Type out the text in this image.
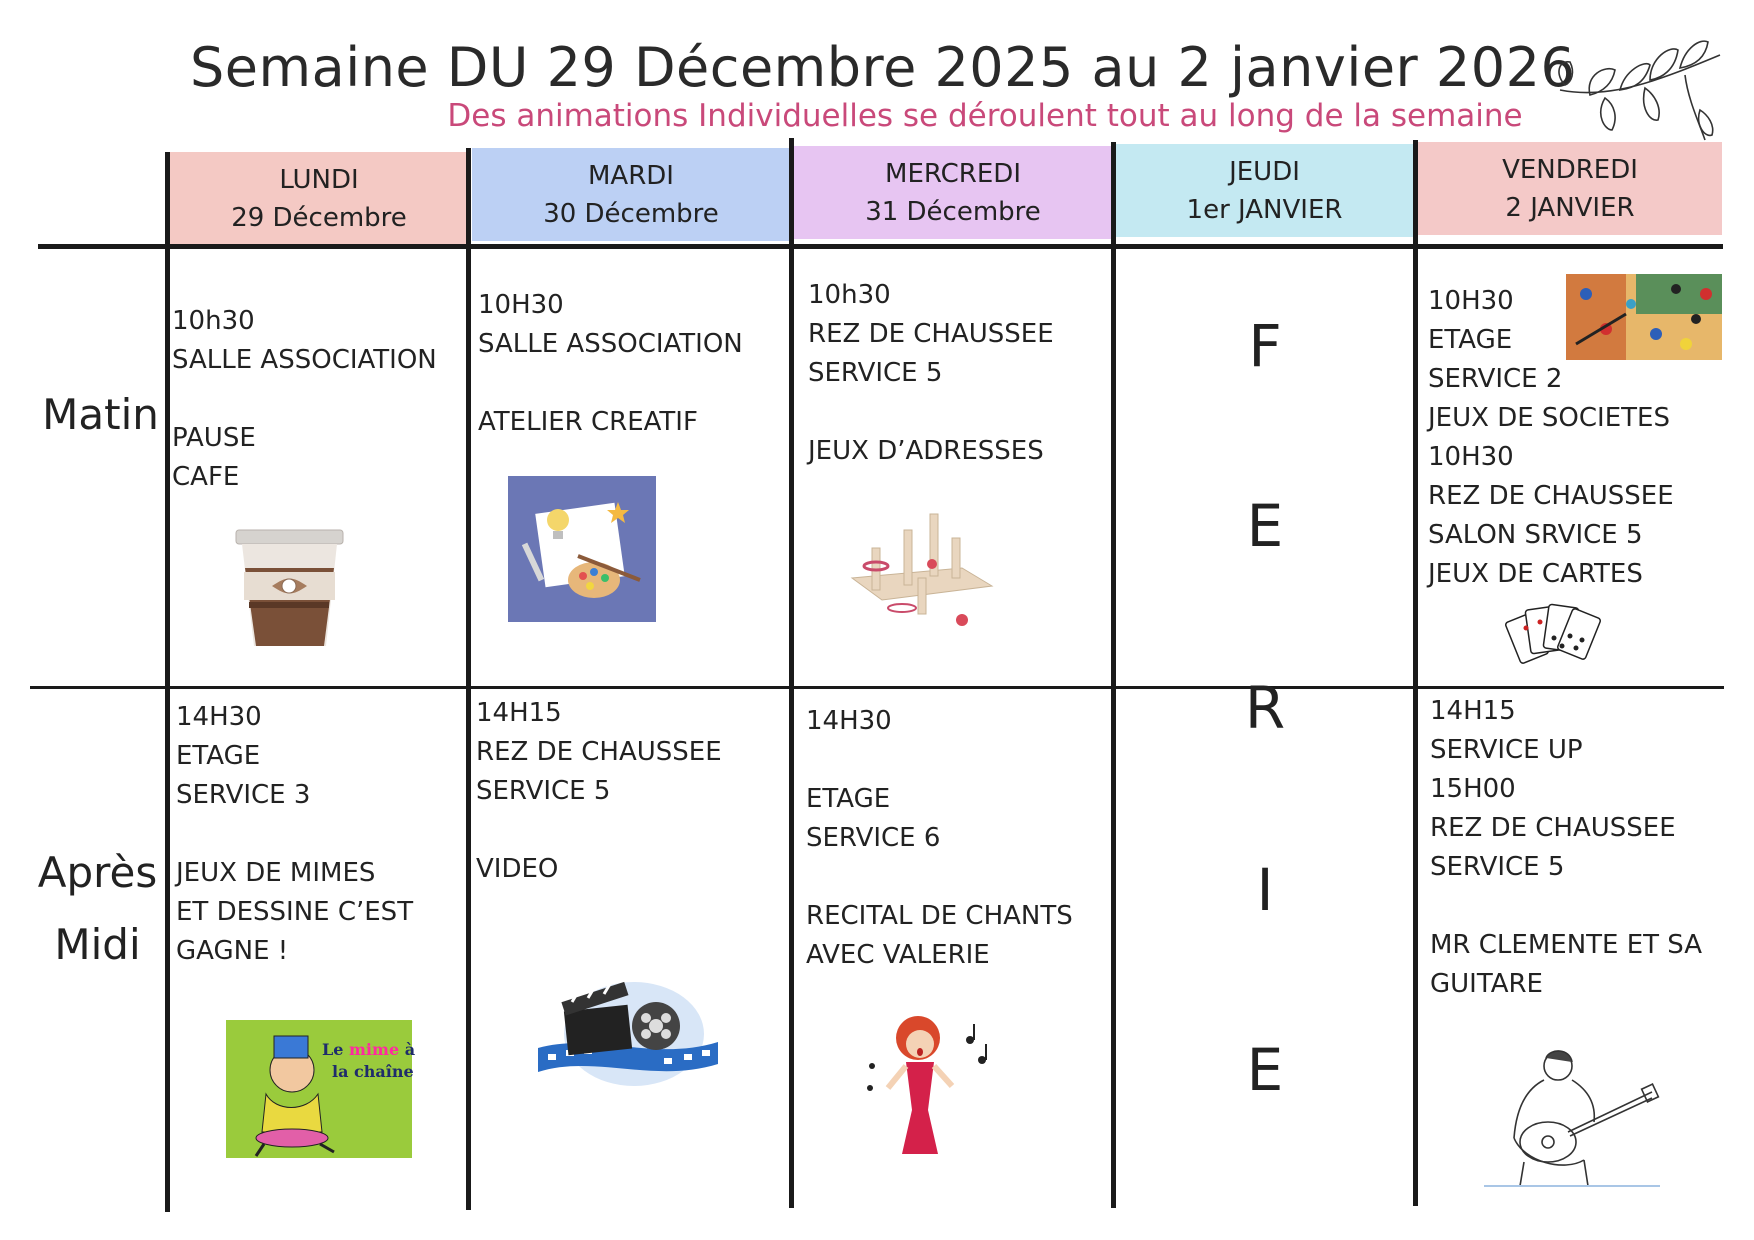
Semaine DU 29 Décembre 2025 au 2 janvier 2026
Des animations Individuelles se déroulent tout au long de la semaine
LUNDI
29 Décembre
MARDI
30 Décembre
MERCREDI
31 Décembre
JEUDI
1er JANVIER
VENDREDI
2 JANVIER
Matin
Après
Midi
10h30
SALLE ASSOCIATION
PAUSE
CAFE
10H30
SALLE ASSOCIATION
ATELIER CREATIF
10h30
REZ DE CHAUSSEE
SERVICE 5
JEUX D’ADRESSES
10H30
ETAGE
SERVICE 2
JEUX DE SOCIETES
10H30
REZ DE CHAUSSEE
SALON SRVICE 5
JEUX DE CARTES
14H30
ETAGE
SERVICE 3
JEUX DE MIMES
ET DESSINE C’EST
GAGNE !
14H15
REZ DE CHAUSSEE
SERVICE 5
VIDEO
14H30
ETAGE
SERVICE 6
RECITAL DE CHANTS
AVEC VALERIE
14H15
SERVICE UP
15H00
REZ DE CHAUSSEE
SERVICE 5
MR CLEMENTE ET SA
GUITARE
F
E
R
I
E
Le mime à
la chaîne
